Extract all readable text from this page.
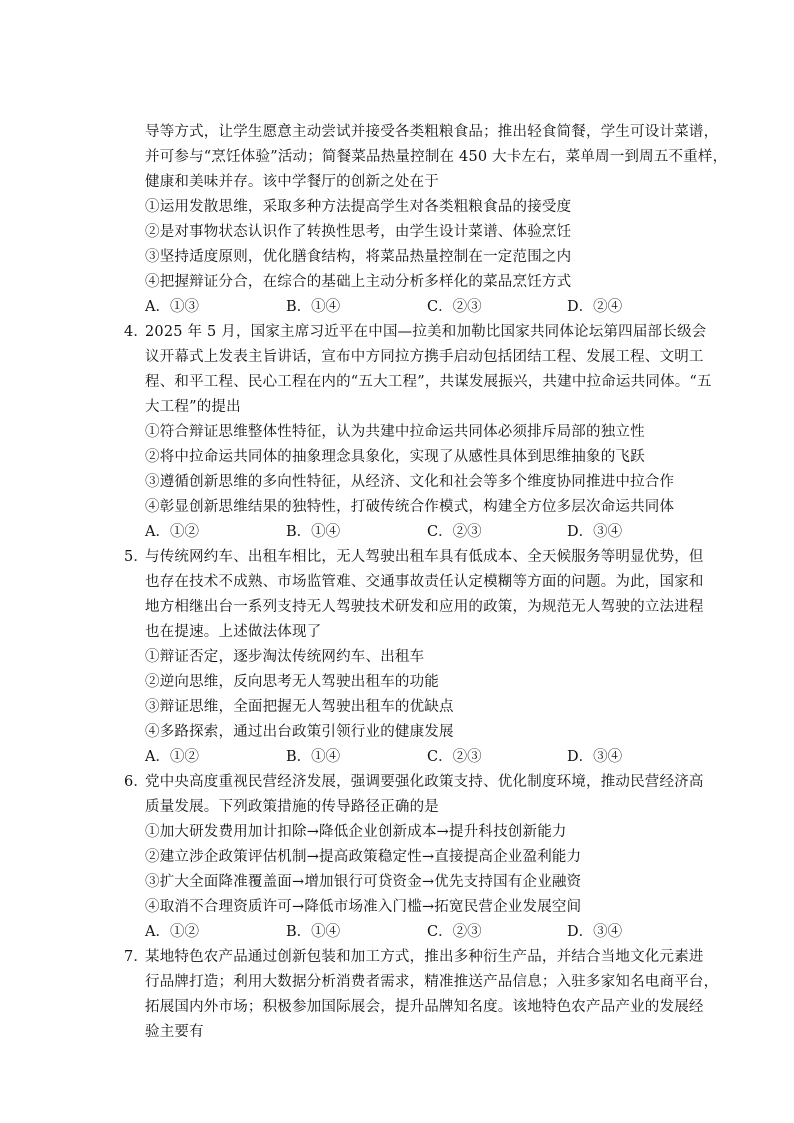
导等方式，让学生愿意主动尝试并接受各类粗粮食品；推出轻食简餐，学生可设计菜谱，
并可参与“烹饪体验”活动；简餐菜品热量控制在 450 大卡左右，菜单周一到周五不重样，
健康和美味并存。该中学餐厅的创新之处在于
①运用发散思维，采取多种方法提高学生对各类粗粮食品的接受度
②是对事物状态认识作了转换性思考，由学生设计菜谱、体验烹饪
③坚持适度原则，优化膳食结构，将菜品热量控制在一定范围之内
④把握辩证分合，在综合的基础上主动分析多样化的菜品烹饪方式
A．①③	B．①④	C．②③	D．②④
4．
2025 年 5 月，国家主席习近平在中国—拉美和加勒比国家共同体论坛第四届部长级会
议开幕式上发表主旨讲话，宣布中方同拉方携手启动包括团结工程、发展工程、文明工
程、和平工程、民心工程在内的“五大工程”，共谋发展振兴，共建中拉命运共同体。“五
大工程”的提出
①符合辩证思维整体性特征，认为共建中拉命运共同体必须排斥局部的独立性
②将中拉命运共同体的抽象理念具象化，实现了从感性具体到思维抽象的飞跃
③遵循创新思维的多向性特征，从经济、文化和社会等多个维度协同推进中拉合作
④彰显创新思维结果的独特性，打破传统合作模式，构建全方位多层次命运共同体
A．①②	B．①④	C．②③	D．③④
5．
与传统网约车、出租车相比，无人驾驶出租车具有低成本、全天候服务等明显优势，但
也存在技术不成熟、市场监管难、交通事故责任认定模糊等方面的问题。为此，国家和
地方相继出台一系列支持无人驾驶技术研发和应用的政策，为规范无人驾驶的立法进程
也在提速。上述做法体现了
①辩证否定，逐步淘汰传统网约车、出租车
②逆向思维，反向思考无人驾驶出租车的功能
③辩证思维，全面把握无人驾驶出租车的优缺点
④多路探索，通过出台政策引领行业的健康发展
A．①②	B．①④	C．②③	D．③④
6．
党中央高度重视民营经济发展，强调要强化政策支持、优化制度环境，推动民营经济高
质量发展。下列政策措施的传导路径正确的是
①加大研发费用加计扣除→降低企业创新成本→提升科技创新能力
②建立涉企政策评估机制→提高政策稳定性→直接提高企业盈利能力
③扩大全面降准覆盖面→增加银行可贷资金→优先支持国有企业融资
④取消不合理资质许可→降低市场准入门槛→拓宽民营企业发展空间
A．①②	B．①④	C．②③	D．③④
7．
某地特色农产品通过创新包装和加工方式，推出多种衍生产品，并结合当地文化元素进
行品牌打造；利用大数据分析消费者需求，精准推送产品信息；入驻多家知名电商平台，
拓展国内外市场；积极参加国际展会，提升品牌知名度。该地特色农产品产业的发展经
验主要有
